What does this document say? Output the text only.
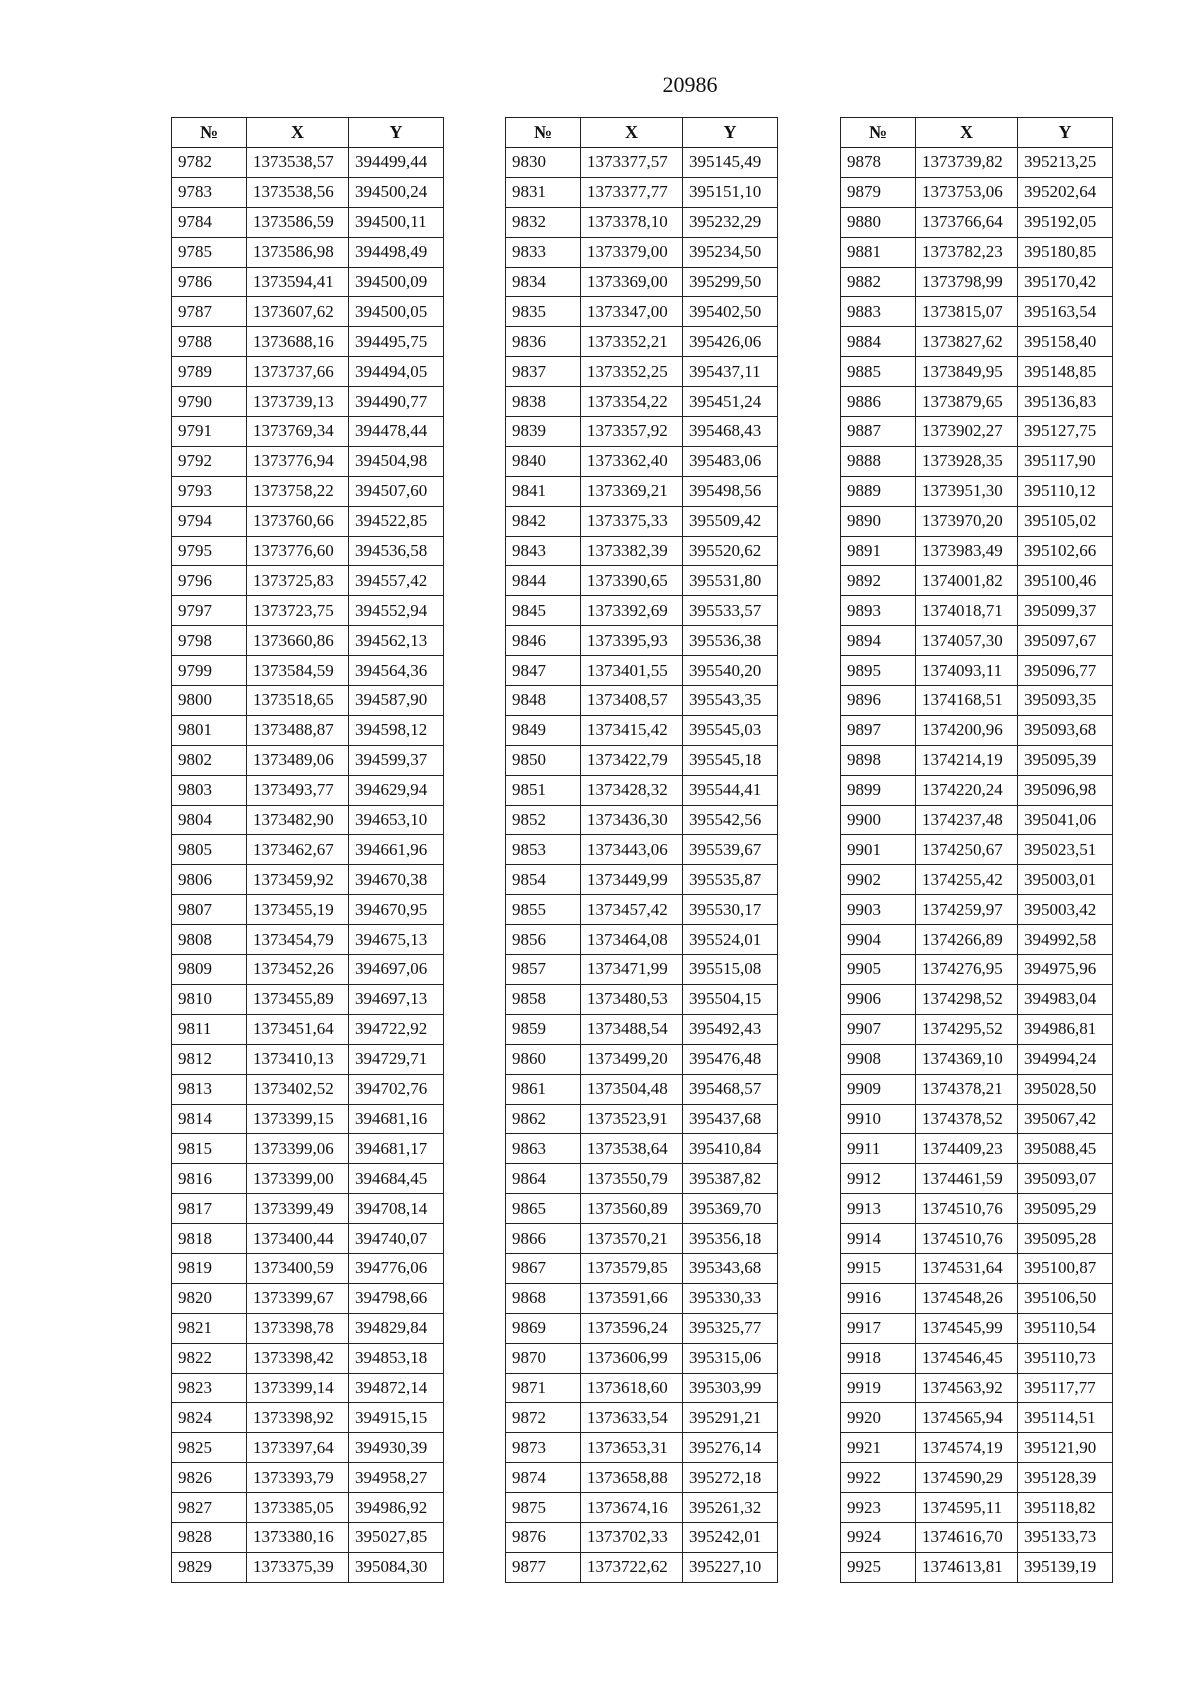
20986
№	X	Y
9782	1373538,57	394499,44
9783	1373538,56	394500,24
9784	1373586,59	394500,11
9785	1373586,98	394498,49
9786	1373594,41	394500,09
9787	1373607,62	394500,05
9788	1373688,16	394495,75
9789	1373737,66	394494,05
9790	1373739,13	394490,77
9791	1373769,34	394478,44
9792	1373776,94	394504,98
9793	1373758,22	394507,60
9794	1373760,66	394522,85
9795	1373776,60	394536,58
9796	1373725,83	394557,42
9797	1373723,75	394552,94
9798	1373660,86	394562,13
9799	1373584,59	394564,36
9800	1373518,65	394587,90
9801	1373488,87	394598,12
9802	1373489,06	394599,37
9803	1373493,77	394629,94
9804	1373482,90	394653,10
9805	1373462,67	394661,96
9806	1373459,92	394670,38
9807	1373455,19	394670,95
9808	1373454,79	394675,13
9809	1373452,26	394697,06
9810	1373455,89	394697,13
9811	1373451,64	394722,92
9812	1373410,13	394729,71
9813	1373402,52	394702,76
9814	1373399,15	394681,16
9815	1373399,06	394681,17
9816	1373399,00	394684,45
9817	1373399,49	394708,14
9818	1373400,44	394740,07
9819	1373400,59	394776,06
9820	1373399,67	394798,66
9821	1373398,78	394829,84
9822	1373398,42	394853,18
9823	1373399,14	394872,14
9824	1373398,92	394915,15
9825	1373397,64	394930,39
9826	1373393,79	394958,27
9827	1373385,05	394986,92
9828	1373380,16	395027,85
9829	1373375,39	395084,30
№	X	Y
9830	1373377,57	395145,49
9831	1373377,77	395151,10
9832	1373378,10	395232,29
9833	1373379,00	395234,50
9834	1373369,00	395299,50
9835	1373347,00	395402,50
9836	1373352,21	395426,06
9837	1373352,25	395437,11
9838	1373354,22	395451,24
9839	1373357,92	395468,43
9840	1373362,40	395483,06
9841	1373369,21	395498,56
9842	1373375,33	395509,42
9843	1373382,39	395520,62
9844	1373390,65	395531,80
9845	1373392,69	395533,57
9846	1373395,93	395536,38
9847	1373401,55	395540,20
9848	1373408,57	395543,35
9849	1373415,42	395545,03
9850	1373422,79	395545,18
9851	1373428,32	395544,41
9852	1373436,30	395542,56
9853	1373443,06	395539,67
9854	1373449,99	395535,87
9855	1373457,42	395530,17
9856	1373464,08	395524,01
9857	1373471,99	395515,08
9858	1373480,53	395504,15
9859	1373488,54	395492,43
9860	1373499,20	395476,48
9861	1373504,48	395468,57
9862	1373523,91	395437,68
9863	1373538,64	395410,84
9864	1373550,79	395387,82
9865	1373560,89	395369,70
9866	1373570,21	395356,18
9867	1373579,85	395343,68
9868	1373591,66	395330,33
9869	1373596,24	395325,77
9870	1373606,99	395315,06
9871	1373618,60	395303,99
9872	1373633,54	395291,21
9873	1373653,31	395276,14
9874	1373658,88	395272,18
9875	1373674,16	395261,32
9876	1373702,33	395242,01
9877	1373722,62	395227,10
№	X	Y
9878	1373739,82	395213,25
9879	1373753,06	395202,64
9880	1373766,64	395192,05
9881	1373782,23	395180,85
9882	1373798,99	395170,42
9883	1373815,07	395163,54
9884	1373827,62	395158,40
9885	1373849,95	395148,85
9886	1373879,65	395136,83
9887	1373902,27	395127,75
9888	1373928,35	395117,90
9889	1373951,30	395110,12
9890	1373970,20	395105,02
9891	1373983,49	395102,66
9892	1374001,82	395100,46
9893	1374018,71	395099,37
9894	1374057,30	395097,67
9895	1374093,11	395096,77
9896	1374168,51	395093,35
9897	1374200,96	395093,68
9898	1374214,19	395095,39
9899	1374220,24	395096,98
9900	1374237,48	395041,06
9901	1374250,67	395023,51
9902	1374255,42	395003,01
9903	1374259,97	395003,42
9904	1374266,89	394992,58
9905	1374276,95	394975,96
9906	1374298,52	394983,04
9907	1374295,52	394986,81
9908	1374369,10	394994,24
9909	1374378,21	395028,50
9910	1374378,52	395067,42
9911	1374409,23	395088,45
9912	1374461,59	395093,07
9913	1374510,76	395095,29
9914	1374510,76	395095,28
9915	1374531,64	395100,87
9916	1374548,26	395106,50
9917	1374545,99	395110,54
9918	1374546,45	395110,73
9919	1374563,92	395117,77
9920	1374565,94	395114,51
9921	1374574,19	395121,90
9922	1374590,29	395128,39
9923	1374595,11	395118,82
9924	1374616,70	395133,73
9925	1374613,81	395139,19
